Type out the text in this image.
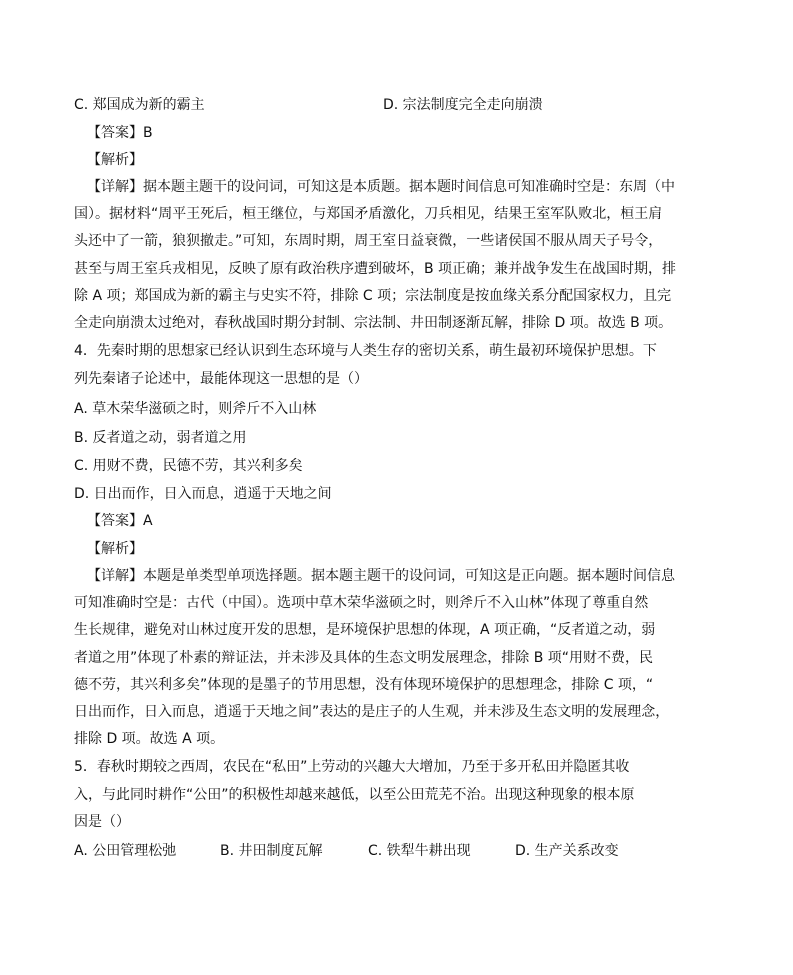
C. 郑国成为新的霸主	D. 宗法制度完全走向崩溃
【答案】B
【解析】
【详解】据本题主题干的设问词，可知这是本质题。据本题时间信息可知准确时空是：东周（中
国）。据材料“周平王死后，桓王继位，与郑国矛盾激化，刀兵相见，结果王室军队败北，桓王肩
头还中了一箭，狼狈撤走。”可知，东周时期，周王室日益衰微，一些诸侯国不服从周天子号令，
甚至与周王室兵戎相见，反映了原有政治秩序遭到破坏，B 项正确；兼并战争发生在战国时期，排
除 A 项；郑国成为新的霸主与史实不符，排除 C 项；宗法制度是按血缘关系分配国家权力，且完
全走向崩溃太过绝对，春秋战国时期分封制、宗法制、井田制逐渐瓦解，排除 D 项。故选 B 项。
4．先秦时期的思想家已经认识到生态环境与人类生存的密切关系，萌生最初环境保护思想。下
列先秦诸子论述中，最能体现这一思想的是（）
A. 草木荣华滋硕之时，则斧斤不入山林
B. 反者道之动，弱者道之用
C. 用财不费，民德不劳，其兴利多矣
D. 日出而作，日入而息，逍遥于天地之间
【答案】A
【解析】
【详解】本题是单类型单项选择题。据本题主题干的设问词，可知这是正向题。据本题时间信息
可知准确时空是：古代（中国）。选项中草木荣华滋硕之时，则斧斤不入山林”体现了尊重自然
生长规律，避免对山林过度开发的思想，是环境保护思想的体现，A 项正确，“反者道之动，弱
者道之用”体现了朴素的辩证法，并未涉及具体的生态文明发展理念，排除 B 项“用财不费，民
德不劳，其兴利多矣”体现的是墨子的节用思想，没有体现环境保护的思想理念，排除 C 项，“
日出而作，日入而息，逍遥于天地之间”表达的是庄子的人生观，并未涉及生态文明的发展理念，
排除 D 项。故选 A 项。
5．春秋时期较之西周，农民在“私田”上劳动的兴趣大大增加，乃至于多开私田并隐匿其收
入，与此同时耕作“公田”的积极性却越来越低，以至公田荒芜不治。出现这种现象的根本原
因是（）
A. 公田管理松弛	B. 井田制度瓦解	C. 铁犁牛耕出现	D. 生产关系改变
